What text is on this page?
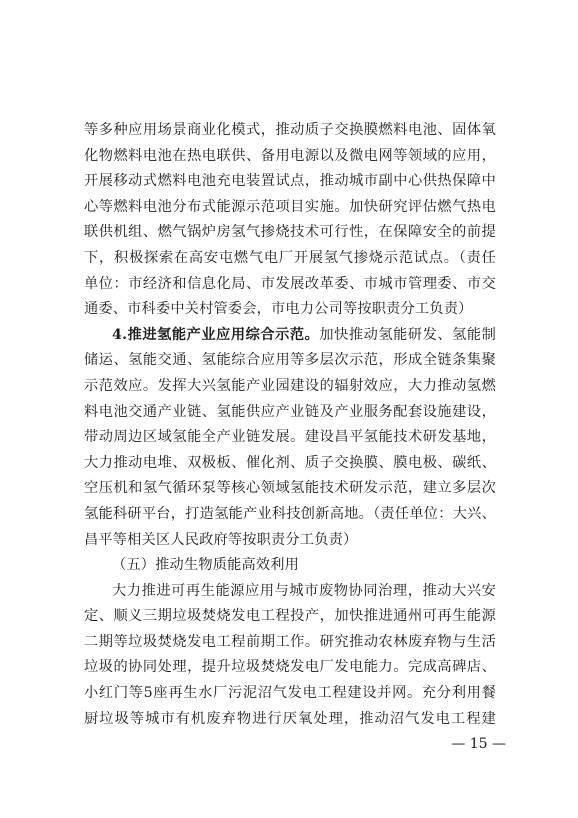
等多种应用场景商业化模式，推动质子交换膜燃料电池、固体氧
化物燃料电池在热电联供、备用电源以及微电网等领域的应用，
开展移动式燃料电池充电装置试点，推动城市副中心供热保障中
心等燃料电池分布式能源示范项目实施。加快研究评估燃气热电
联供机组、燃气锅炉房氢气掺烧技术可行性，在保障安全的前提
下，积极探索在高安屯燃气电厂开展氢气掺烧示范试点。（责任
单位：市经济和信息化局、市发展改革委、市城市管理委、市交
通委、市科委中关村管委会，市电力公司等按职责分工负责）
4.推进氢能产业应用综合示范。加快推动氢能研发、氢能制
储运、氢能交通、氢能综合应用等多层次示范，形成全链条集聚
示范效应。发挥大兴氢能产业园建设的辐射效应，大力推动氢燃
料电池交通产业链、氢能供应产业链及产业服务配套设施建设，
带动周边区域氢能全产业链发展。建设昌平氢能技术研发基地，
大力推动电堆、双极板、催化剂、质子交换膜、膜电极、碳纸、
空压机和氢气循环泵等核心领域氢能技术研发示范，建立多层次
氢能科研平台，打造氢能产业科技创新高地。（责任单位：大兴、
昌平等相关区人民政府等按职责分工负责）
（五）推动生物质能高效利用
大力推进可再生能源应用与城市废物协同治理，推动大兴安
定、顺义三期垃圾焚烧发电工程投产，加快推进通州可再生能源
二期等垃圾焚烧发电工程前期工作。研究推动农林废弃物与生活
垃圾的协同处理，提升垃圾焚烧发电厂发电能力。完成高碑店、
小红门等5座再生水厂污泥沼气发电工程建设并网。充分利用餐
厨垃圾等城市有机废弃物进行厌氧处理，推动沼气发电工程建
— 15 —
